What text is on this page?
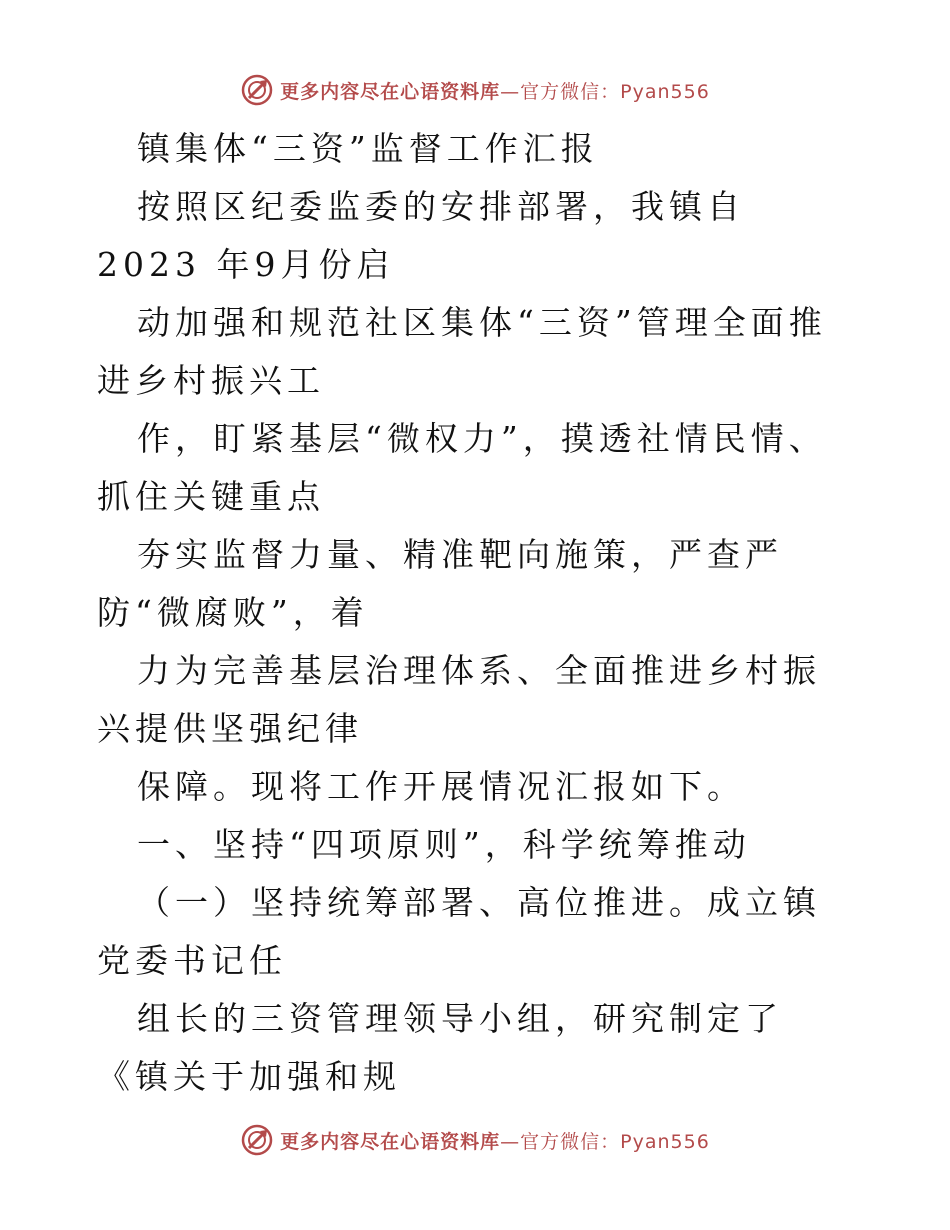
更多内容尽在心语资料库—官方微信：Pyan556

镇集体“三资”监督工作汇报

按照区纪委监委的安排部署，我镇自 2023 年9月份启

动加强和规范社区集体“三资”管理全面推进乡村振兴工

作，盯紧基层“微权力”，摸透社情民情、抓住关键重点

夯实监督力量、精准靶向施策，严查严防“微腐败”，着

力为完善基层治理体系、全面推进乡村振兴提供坚强纪律

保障。现将工作开展情况汇报如下。

一、坚持“四项原则”，科学统筹推动

（一）坚持统筹部署、高位推进。成立镇党委书记任

组长的三资管理领导小组，研究制定了《镇关于加强和规

更多内容尽在心语资料库—官方微信：Pyan556
